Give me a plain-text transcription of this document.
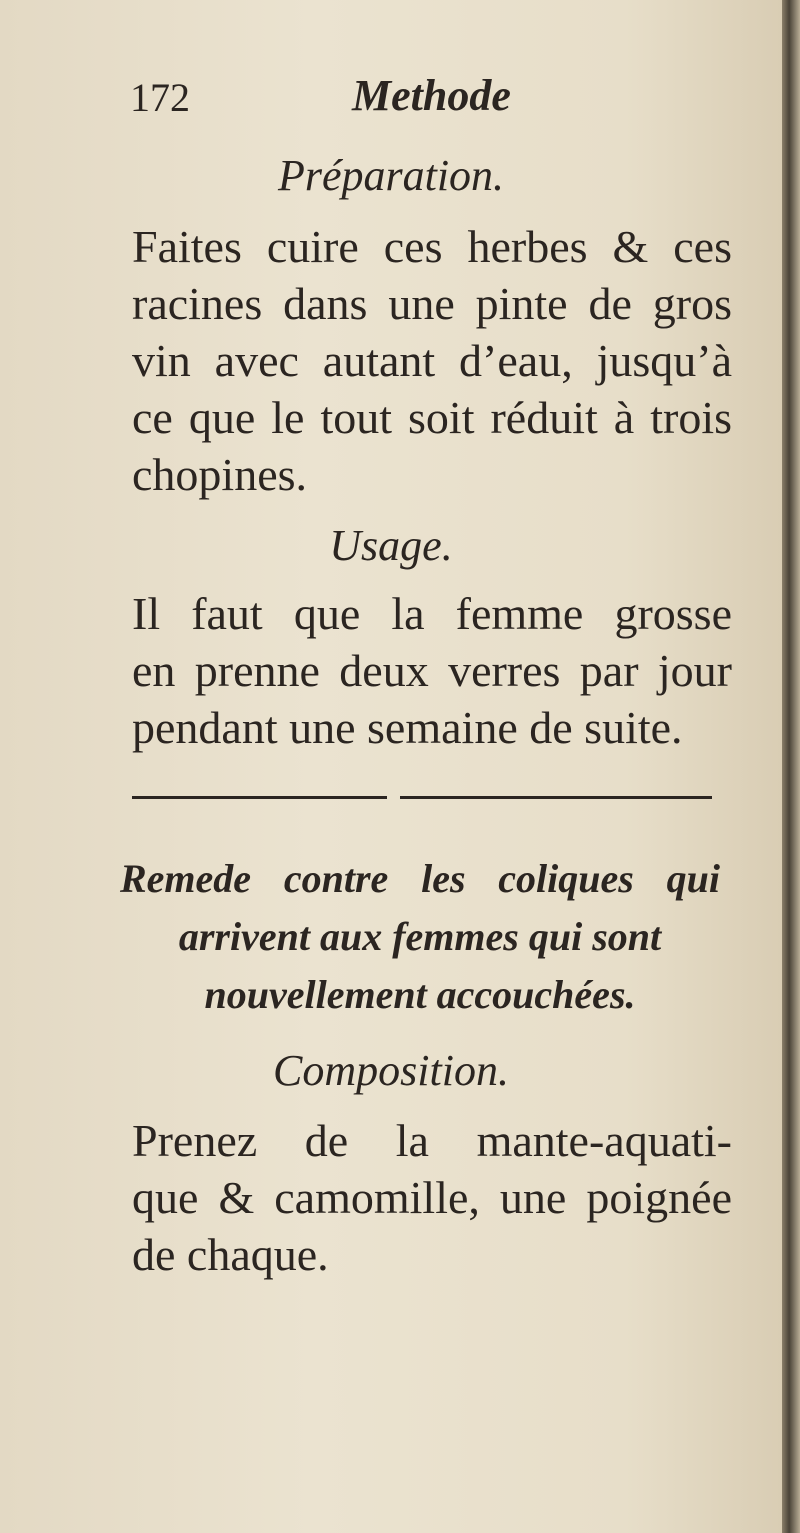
172	Methode
Préparation.
Faites cuire ces herbes & ces
racines dans une pinte de gros
vin avec autant d’eau, jusqu’à
ce que le tout soit réduit à trois
chopines.
Usage.
Il faut que la femme grosse
en prenne deux verres par jour
pendant une semaine de suite.
Remede contre les coliques qui
arrivent aux femmes qui sont
nouvellement accouchées.
Composition.
Prenez de la mante-aquati-
que & camomille, une poignée
de chaque.
